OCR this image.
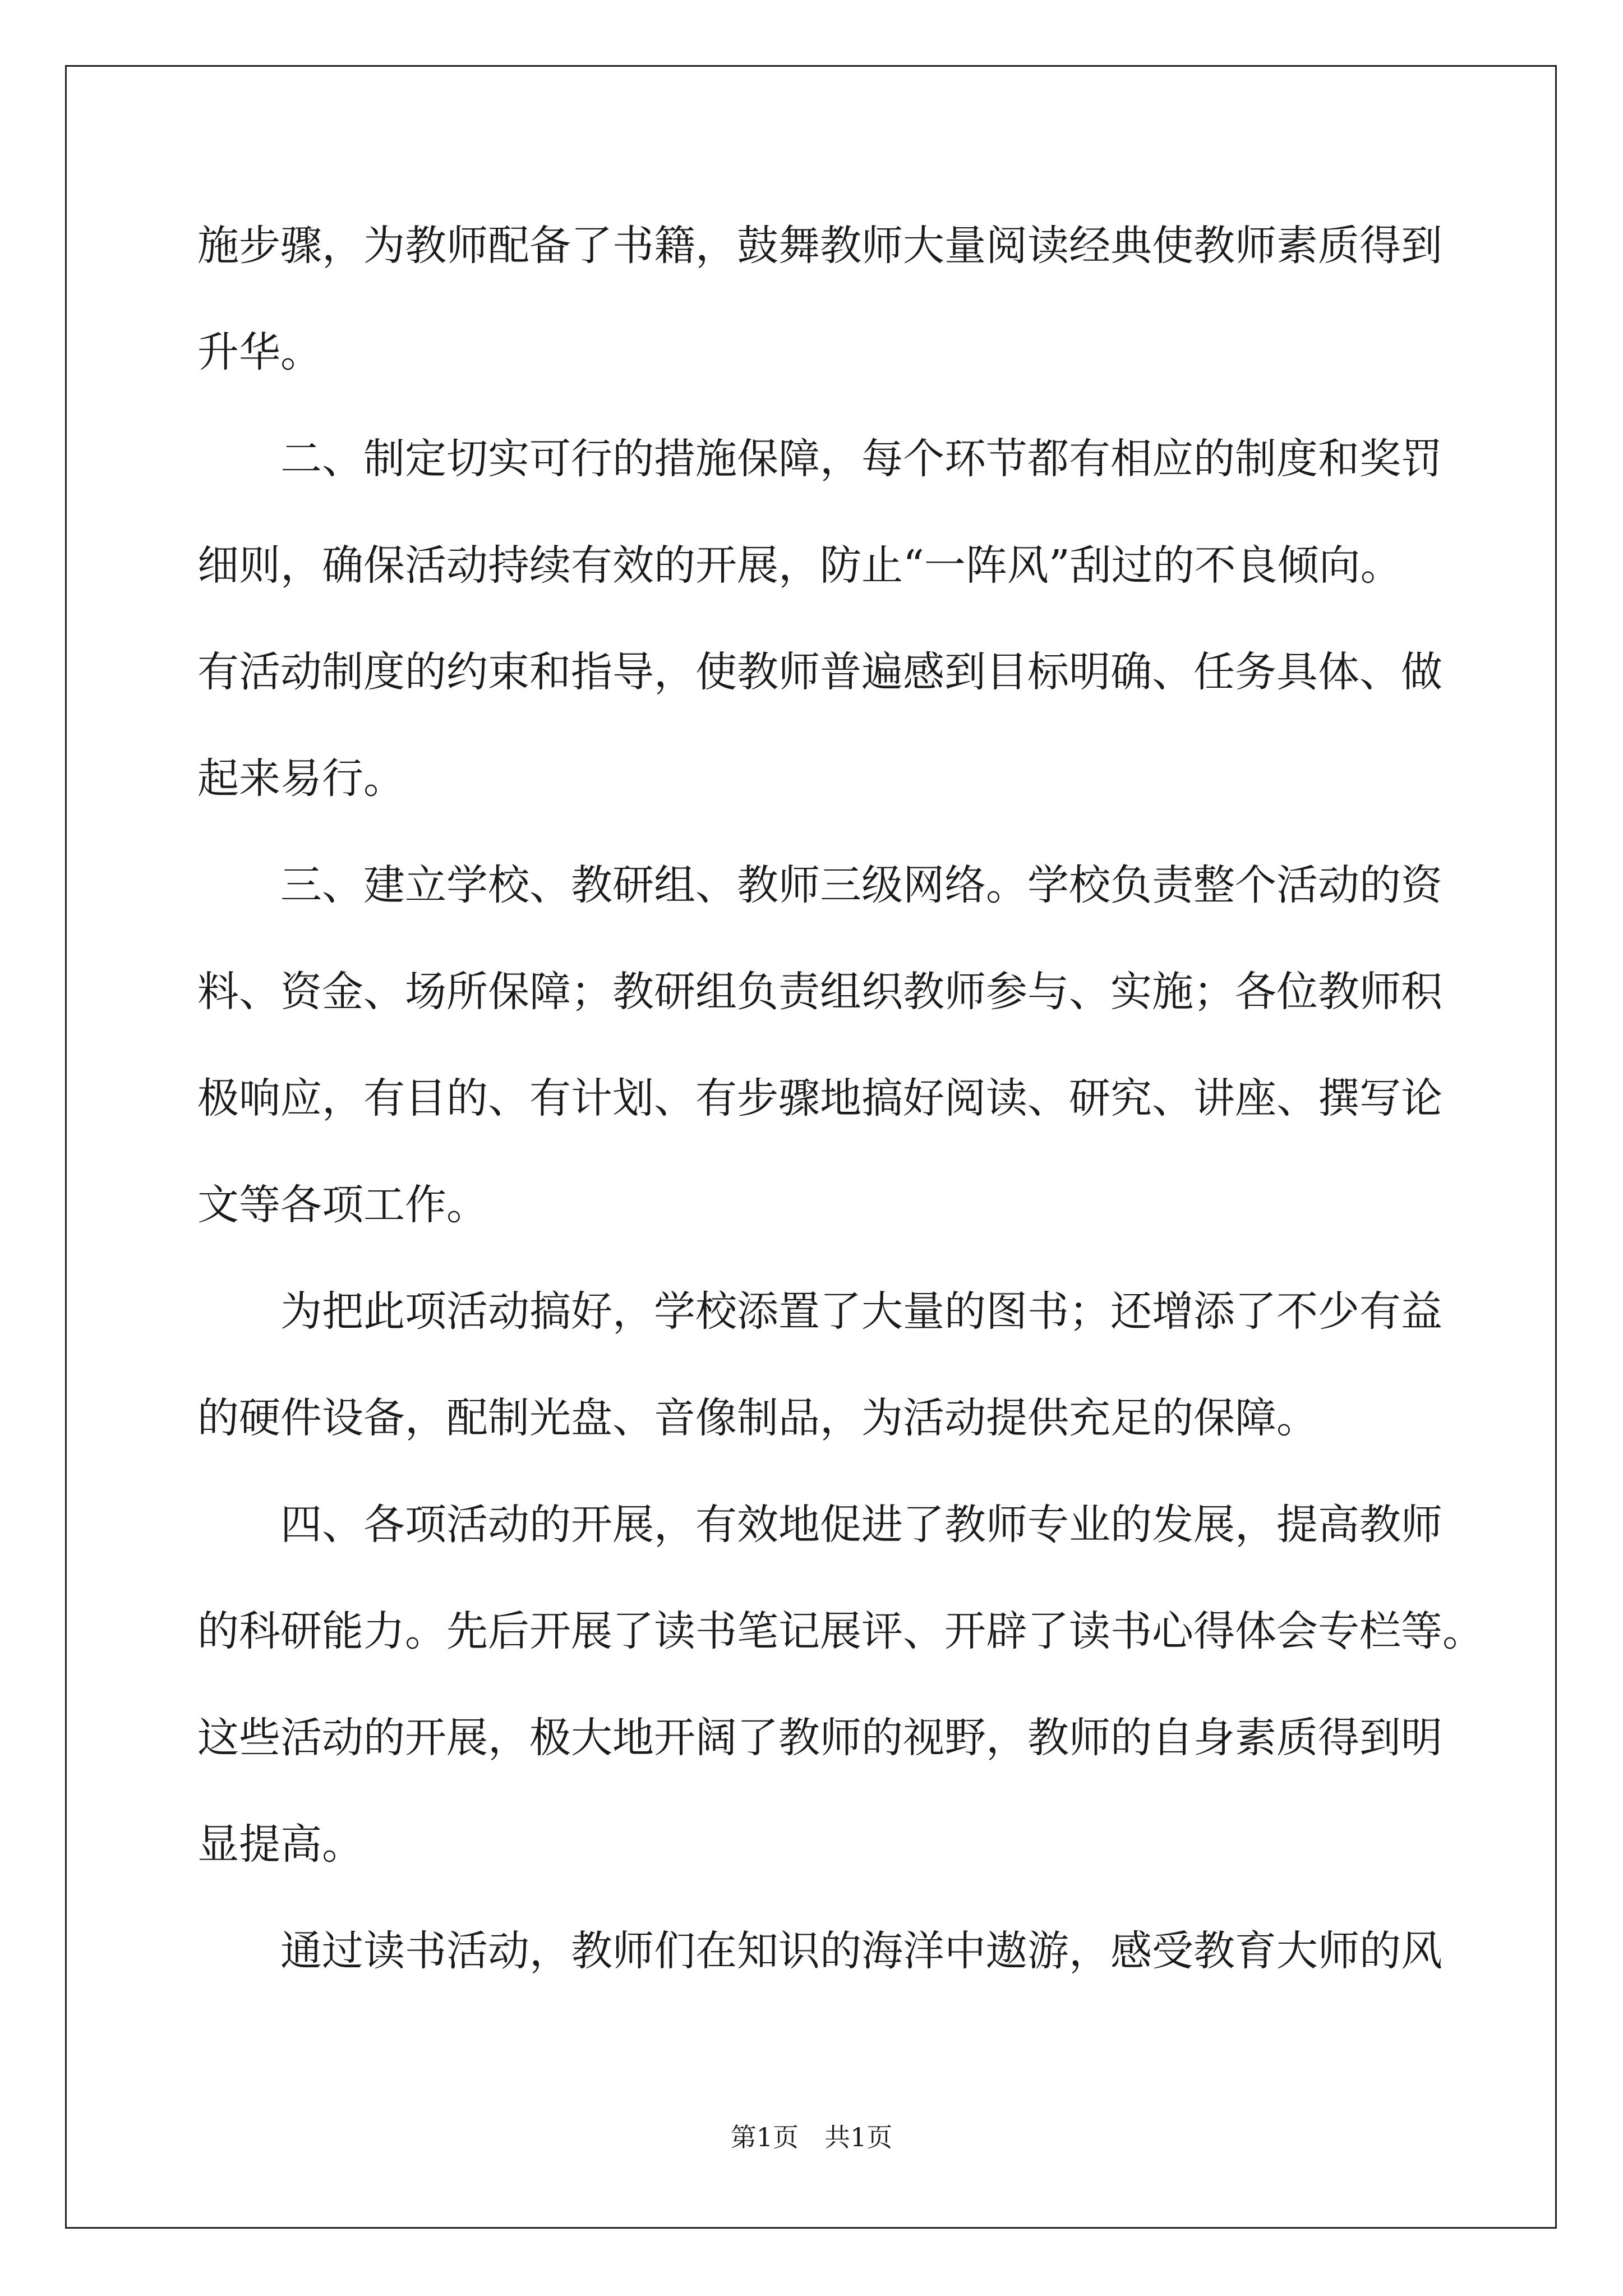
施步骤，为教师配备了书籍，鼓舞教师大量阅读经典使教师素质得到
升华。
二、制定切实可行的措施保障，每个环节都有相应的制度和奖罚
细则，确保活动持续有效的开展，防止“一阵风”刮过的不良倾向。
有活动制度的约束和指导，使教师普遍感到目标明确、任务具体、做
起来易行。
三、建立学校、教研组、教师三级网络。学校负责整个活动的资
料、资金、场所保障；教研组负责组织教师参与、实施；各位教师积
极响应，有目的、有计划、有步骤地搞好阅读、研究、讲座、撰写论
文等各项工作。
为把此项活动搞好，学校添置了大量的图书；还增添了不少有益
的硬件设备，配制光盘、音像制品，为活动提供充足的保障。
四、各项活动的开展，有效地促进了教师专业的发展，提高教师
的科研能力。先后开展了读书笔记展评、开辟了读书心得体会专栏等。
这些活动的开展，极大地开阔了教师的视野，教师的自身素质得到明
显提高。
通过读书活动，教师们在知识的海洋中遨游，感受教育大师的风
第1页　共1页
